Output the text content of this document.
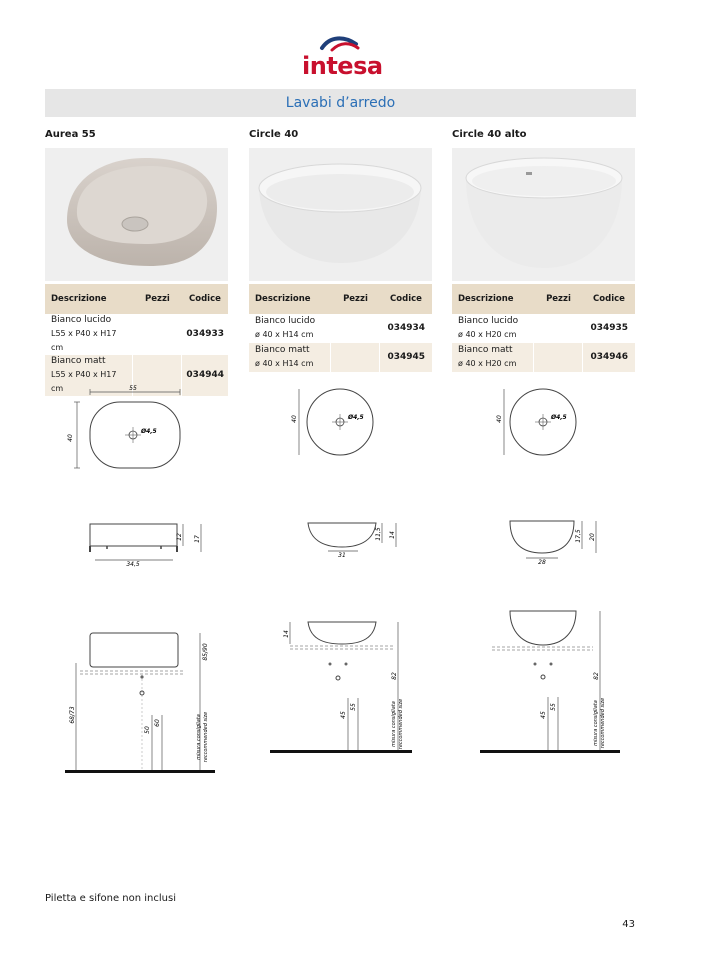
intesa
Lavabi d’arredo
Aurea 55
Descrizione	Pezzi	Codice
Bianco lucido
L55 x P40 x H17 cm		034933
Bianco matt
L55 x P40 x H17 cm		034944
Circle 40
Descrizione	Pezzi	Codice
Bianco lucido
ø 40 x H14 cm		034934
Bianco matt
ø 40 x H14 cm		034945
Circle 40 alto
Descrizione	Pezzi	Codice
Bianco lucido
ø 40 x H20 cm		034935
Bianco matt
ø 40 x H20 cm		034946
55
40
Ø4,5
34,5
12 17
68/73
50
60
85/90
misura consigliata reccommended size
40	Ø4,5
31
11,5 14
14
45
55
82
misura consigliata reccommended size
40	Ø4,5
28
17,5 20
45
55
82
misura consigliata reccommended size
Piletta e sifone non inclusi
43
